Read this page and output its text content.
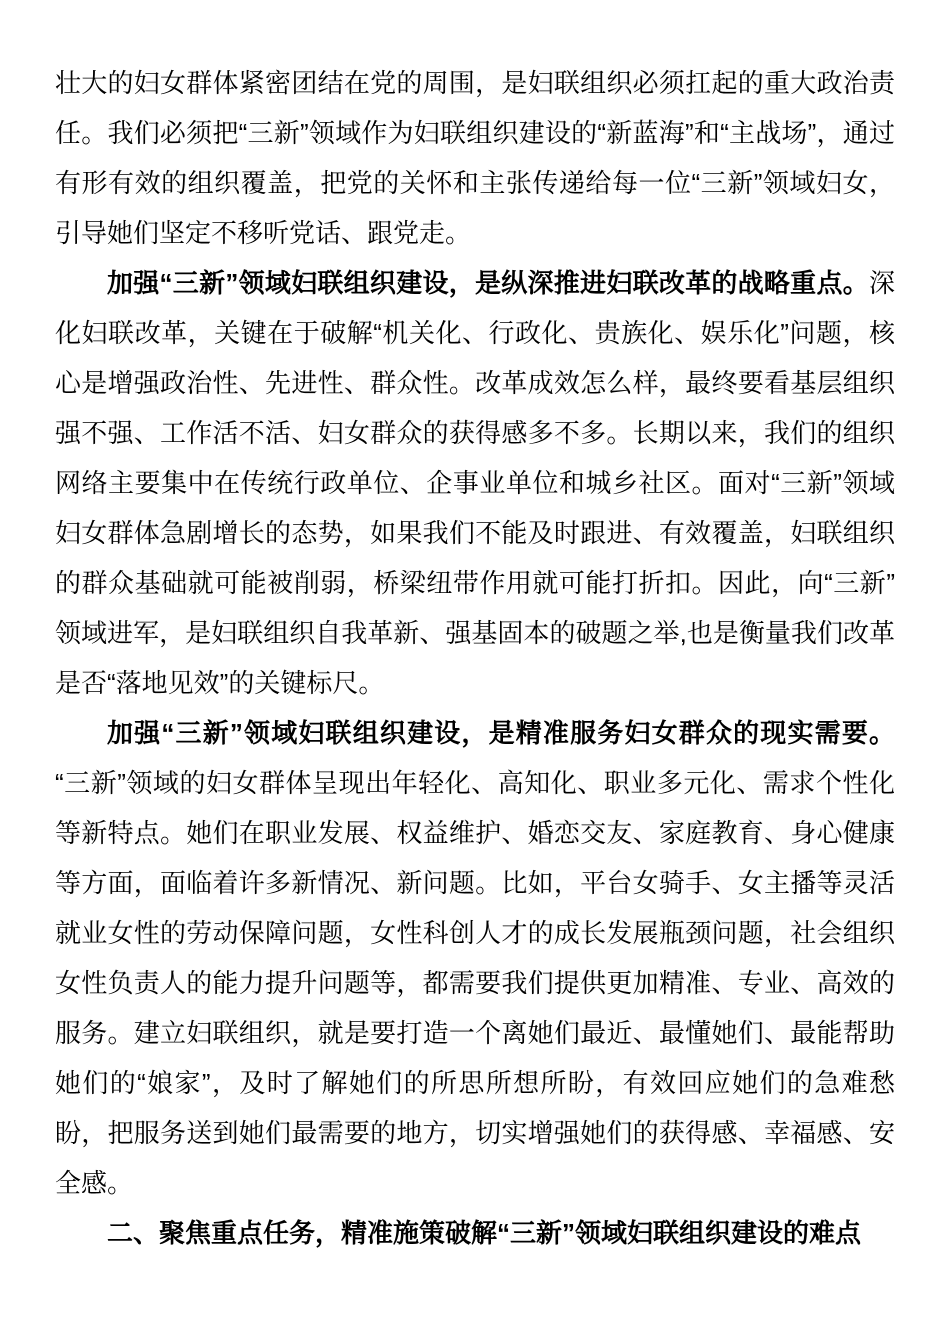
壮大的妇女群体紧密团结在党的周围，是妇联组织必须扛起的重大政治责任。我们必须把“三新”领域作为妇联组织建设的“新蓝海”和“主战场”，通过有形有效的组织覆盖，把党的关怀和主张传递给每一位“三新”领域妇女，引导她们坚定不移听党话、跟党走。

加强“三新”领域妇联组织建设，是纵深推进妇联改革的战略重点。深化妇联改革，关键在于破解“机关化、行政化、贵族化、娱乐化”问题，核心是增强政治性、先进性、群众性。改革成效怎么样，最终要看基层组织强不强、工作活不活、妇女群众的获得感多不多。长期以来，我们的组织网络主要集中在传统行政单位、企事业单位和城乡社区。面对“三新”领域妇女群体急剧增长的态势，如果我们不能及时跟进、有效覆盖，妇联组织的群众基础就可能被削弱，桥梁纽带作用就可能打折扣。因此，向“三新”领域进军，是妇联组织自我革新、强基固本的破题之举,也是衡量我们改革是否“落地见效”的关键标尺。

加强“三新”领域妇联组织建设，是精准服务妇女群众的现实需要。“三新”领域的妇女群体呈现出年轻化、高知化、职业多元化、需求个性化等新特点。她们在职业发展、权益维护、婚恋交友、家庭教育、身心健康等方面，面临着许多新情况、新问题。比如，平台女骑手、女主播等灵活就业女性的劳动保障问题，女性科创人才的成长发展瓶颈问题，社会组织女性负责人的能力提升问题等，都需要我们提供更加精准、专业、高效的服务。建立妇联组织，就是要打造一个离她们最近、最懂她们、最能帮助她们的“娘家”，及时了解她们的所思所想所盼，有效回应她们的急难愁盼，把服务送到她们最需要的地方，切实增强她们的获得感、幸福感、安全感。

二、聚焦重点任务，精准施策破解“三新”领域妇联组织建设的难点
